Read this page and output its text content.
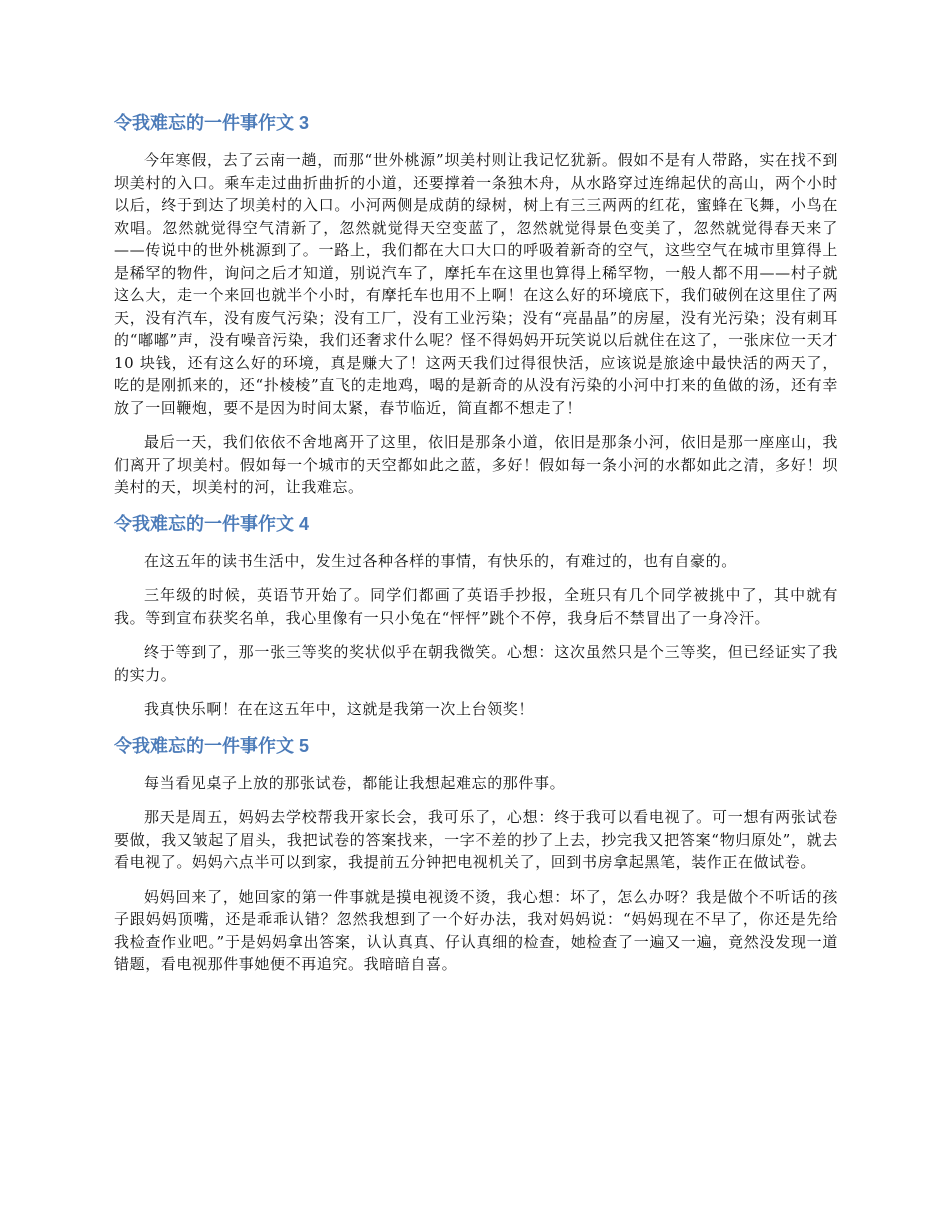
令我难忘的一件事作文 3

今年寒假，去了云南一趟，而那“世外桃源”坝美村则让我记忆犹新。假如不是有人带路，实在找不到坝美村的入口。乘车走过曲折曲折的小道，还要撑着一条独木舟，从水路穿过连绵起伏的高山，两个小时以后，终于到达了坝美村的入口。小河两侧是成荫的绿树，树上有三三两两的红花，蜜蜂在飞舞，小鸟在欢唱。忽然就觉得空气清新了，忽然就觉得天空变蓝了，忽然就觉得景色变美了，忽然就觉得春天来了——传说中的世外桃源到了。一路上，我们都在大口大口的呼吸着新奇的空气，这些空气在城市里算得上是稀罕的物件，询问之后才知道，别说汽车了，摩托车在这里也算得上稀罕物，一般人都不用——村子就这么大，走一个来回也就半个小时，有摩托车也用不上啊！在这么好的环境底下，我们破例在这里住了两天，没有汽车，没有废气污染；没有工厂，没有工业污染；没有“亮晶晶”的房屋，没有光污染；没有刺耳的“嘟嘟”声，没有噪音污染，我们还奢求什么呢？怪不得妈妈开玩笑说以后就住在这了，一张床位一天才 10 块钱，还有这么好的环境，真是赚大了！这两天我们过得很快活，应该说是旅途中最快活的两天了，吃的是刚抓来的，还“扑棱棱”直飞的走地鸡，喝的是新奇的从没有污染的小河中打来的鱼做的汤，还有幸放了一回鞭炮，要不是因为时间太紧，春节临近，简直都不想走了！

最后一天，我们依依不舍地离开了这里，依旧是那条小道，依旧是那条小河，依旧是那一座座山，我们离开了坝美村。假如每一个城市的天空都如此之蓝，多好！假如每一条小河的水都如此之清，多好！坝美村的天，坝美村的河，让我难忘。

令我难忘的一件事作文 4

在这五年的读书生活中，发生过各种各样的事情，有快乐的，有难过的，也有自豪的。

三年级的时候，英语节开始了。同学们都画了英语手抄报，全班只有几个同学被挑中了，其中就有我。等到宣布获奖名单，我心里像有一只小兔在“怦怦”跳个不停，我身后不禁冒出了一身冷汗。

终于等到了，那一张三等奖的奖状似乎在朝我微笑。心想：这次虽然只是个三等奖，但已经证实了我的实力。

我真快乐啊！在在这五年中，这就是我第一次上台领奖！

令我难忘的一件事作文 5

每当看见桌子上放的那张试卷，都能让我想起难忘的那件事。

那天是周五，妈妈去学校帮我开家长会，我可乐了，心想：终于我可以看电视了。可一想有两张试卷要做，我又皱起了眉头，我把试卷的答案找来，一字不差的抄了上去，抄完我又把答案“物归原处”，就去看电视了。妈妈六点半可以到家，我提前五分钟把电视机关了，回到书房拿起黑笔，装作正在做试卷。

妈妈回来了，她回家的第一件事就是摸电视烫不烫，我心想：坏了，怎么办呀？我是做个不听话的孩子跟妈妈顶嘴，还是乖乖认错？忽然我想到了一个好办法，我对妈妈说：“妈妈现在不早了，你还是先给我检查作业吧。”于是妈妈拿出答案，认认真真、仔认真细的检查，她检查了一遍又一遍，竟然没发现一道错题，看电视那件事她便不再追究。我暗暗自喜。
